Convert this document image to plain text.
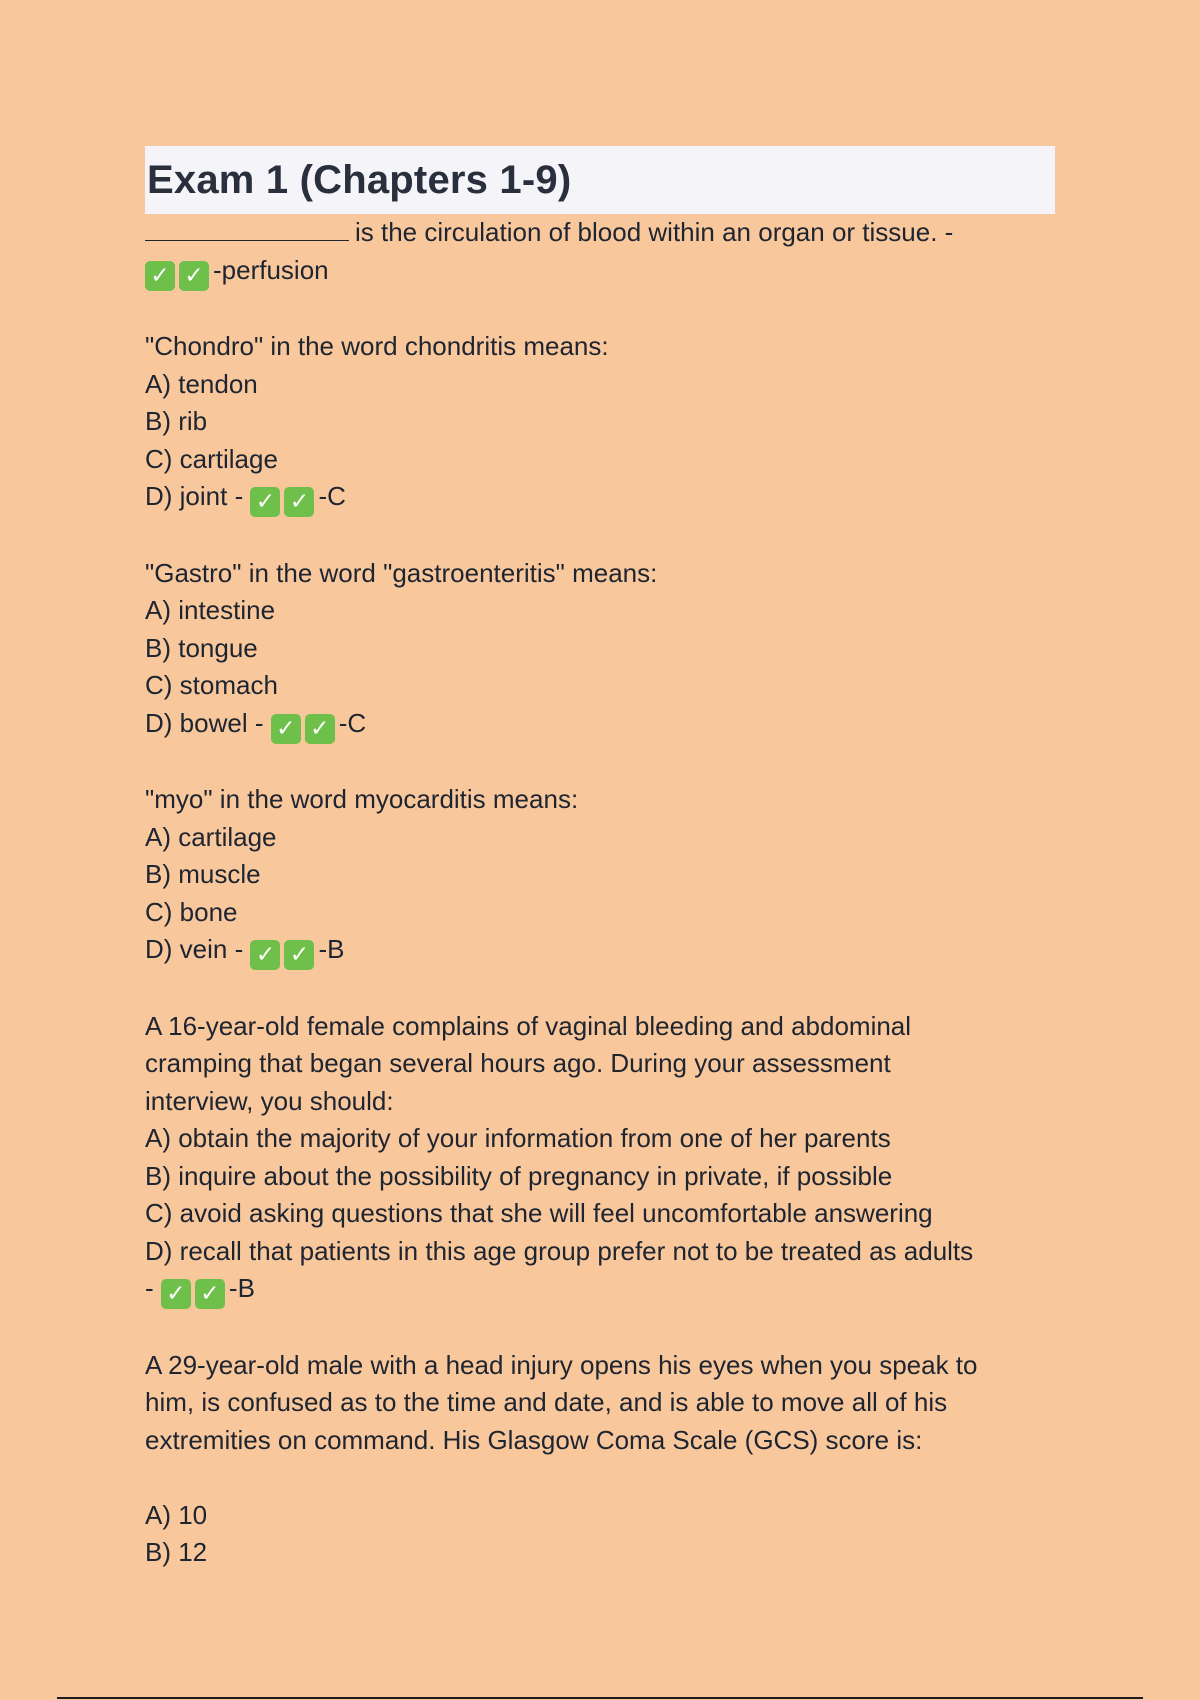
Exam 1 (Chapters 1-9)
is the circulation of blood within an organ or tissue. -
✓ ✓ -perfusion
"Chondro" in the word chondritis means:
A) tendon
B) rib
C) cartilage
D) joint - ✓ ✓ -C
"Gastro" in the word "gastroenteritis" means:
A) intestine
B) tongue
C) stomach
D) bowel - ✓ ✓ -C
"myo" in the word myocarditis means:
A) cartilage
B) muscle
C) bone
D) vein - ✓ ✓ -B
A 16-year-old female complains of vaginal bleeding and abdominal
cramping that began several hours ago. During your assessment
interview, you should:
A) obtain the majority of your information from one of her parents
B) inquire about the possibility of pregnancy in private, if possible
C) avoid asking questions that she will feel uncomfortable answering
D) recall that patients in this age group prefer not to be treated as adults
- ✓ ✓ -B
A 29-year-old male with a head injury opens his eyes when you speak to
him, is confused as to the time and date, and is able to move all of his
extremities on command. His Glasgow Coma Scale (GCS) score is:
A) 10
B) 12
